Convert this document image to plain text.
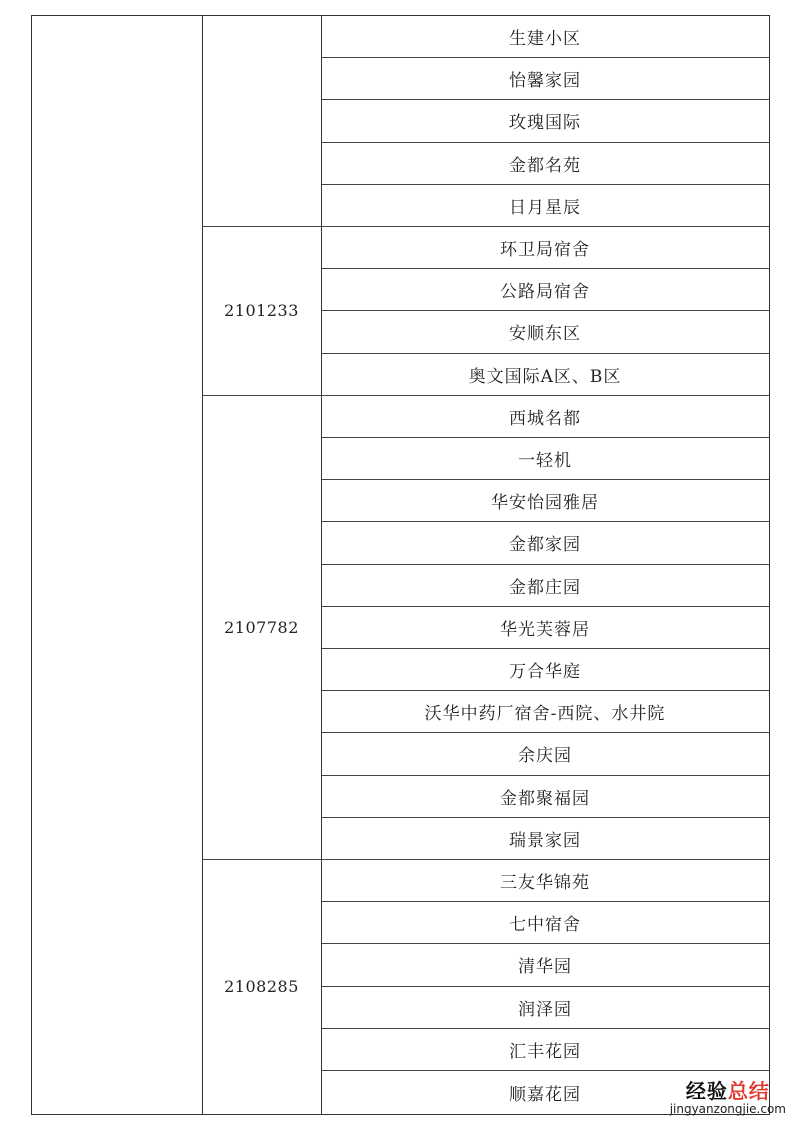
生建小区
怡馨家园
玫瑰国际
金都名苑
日月星辰
环卫局宿舍
公路局宿舍
安顺东区
奥文国际A区、B区
2101233
西城名都
一轻机
华安怡园雅居
金都家园
金都庄园
华光芙蓉居
万合华庭
沃华中药厂宿舍-西院、水井院
余庆园
金都聚福园
瑞景家园
2107782
三友华锦苑
七中宿舍
清华园
润泽园
汇丰花园
顺嘉花园
2108285
经验总结
jingyanzongjie.com
